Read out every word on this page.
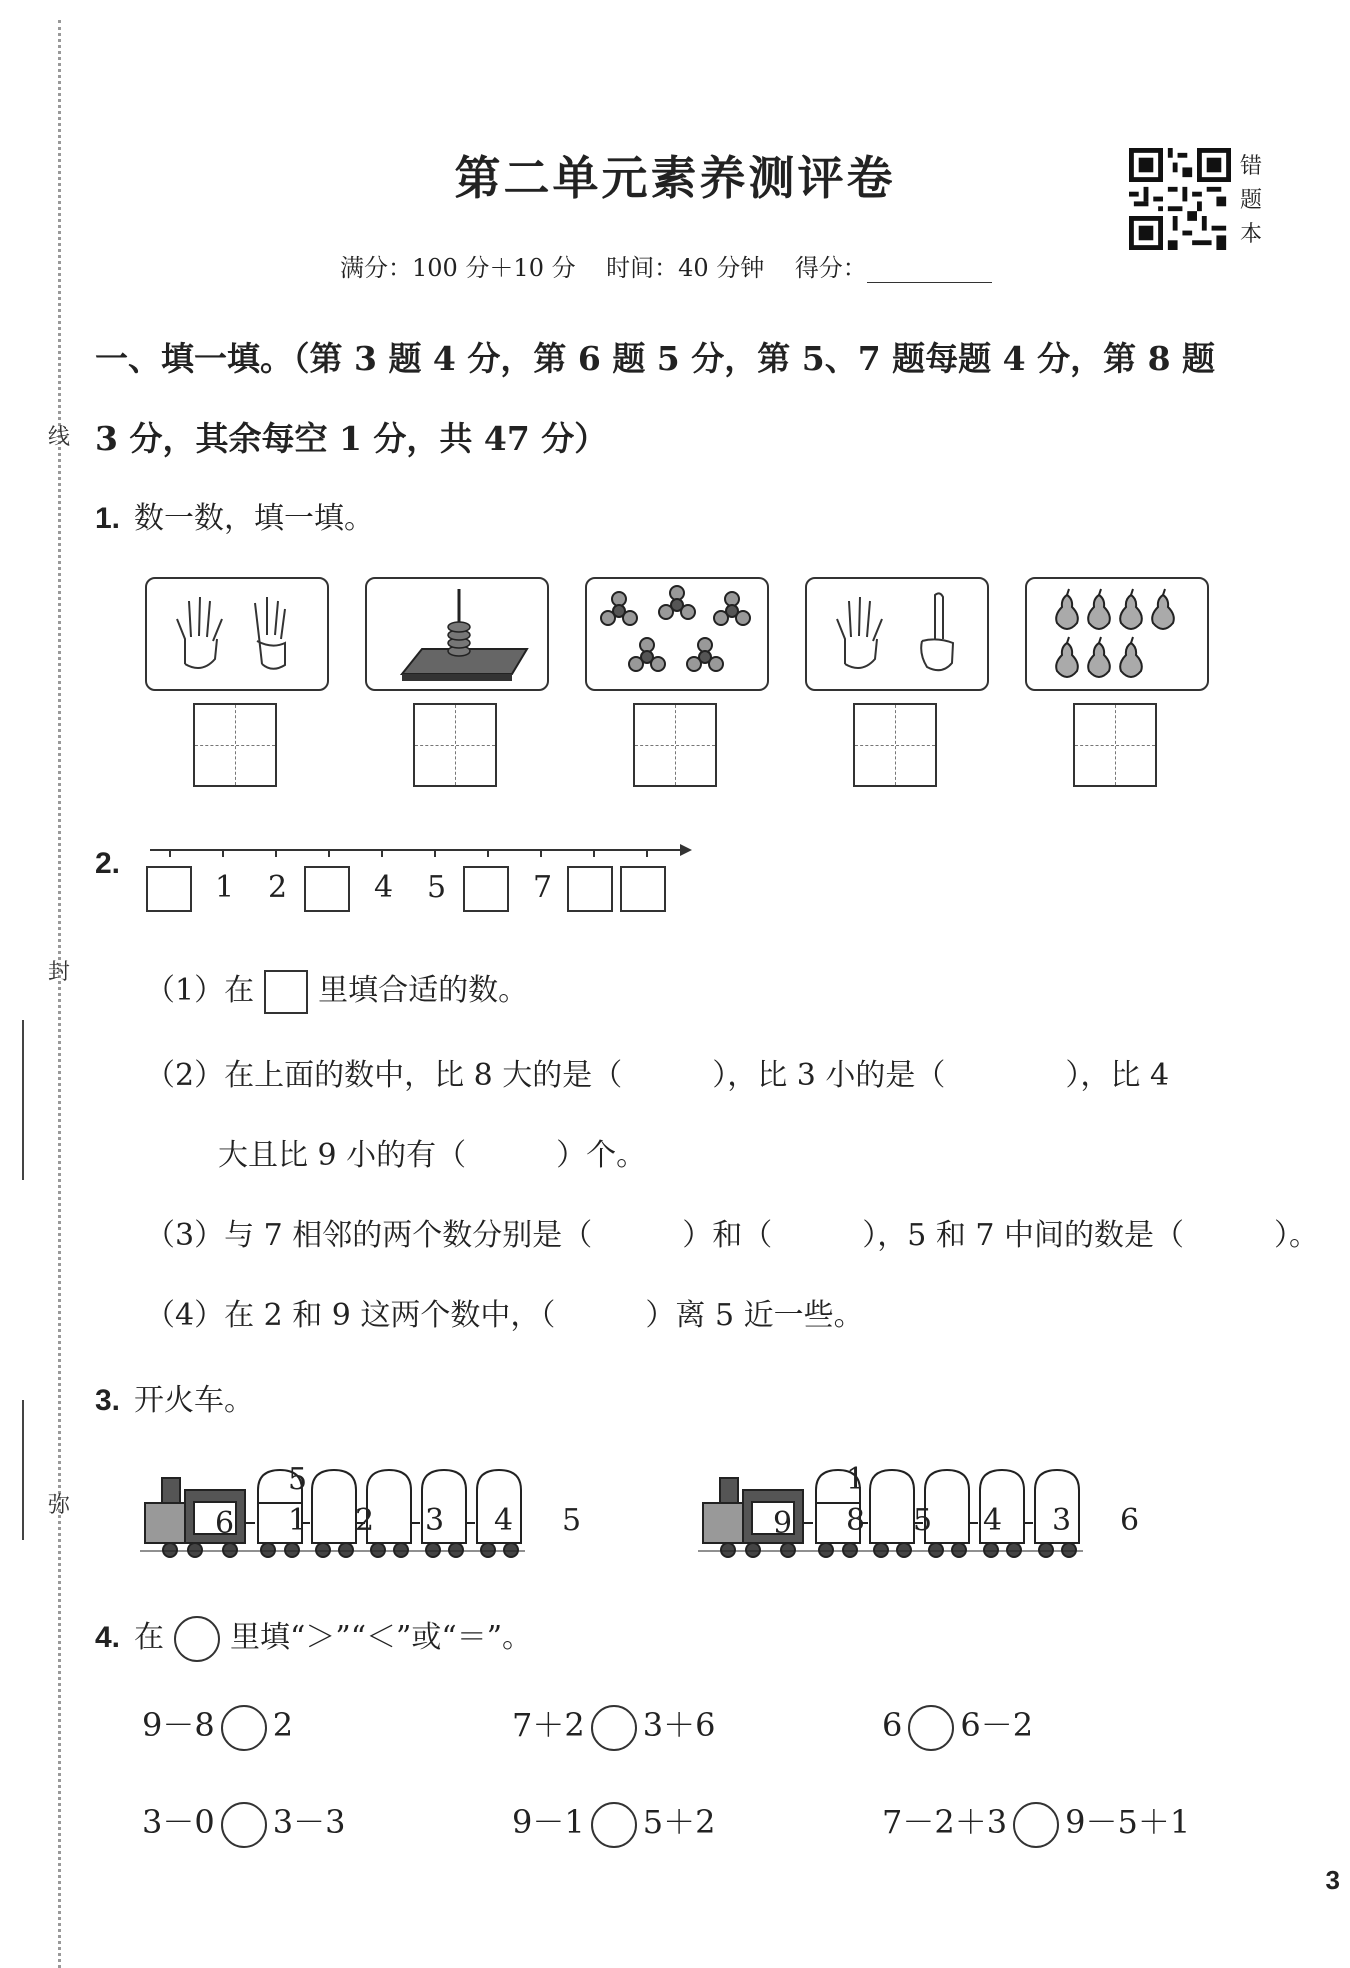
线
封
弥
第二单元素养测评卷
满分：100 分＋10 分 时间：40 分钟 得分：
错题本
一、填一填。（第 3 题 4 分，第 6 题 5 分，第 5、7 题每题 4 分，第 8 题
3 分，其余每空 1 分，共 47 分）
1. 数一数，填一填。
2.
1 2	4 5	7
（1）在 里填合适的数。
（2）在上面的数中，比 8 大的是（　　　），比 3 小的是（　　　　），比 4
大且比 9 小的有（　　　）个。
（3）与 7 相邻的两个数分别是（　　　）和（　　　），5 和 7 中间的数是（　　　）。
（4）在 2 和 9 这两个数中，（　　　）离 5 近一些。
3. 开火车。
6
5
1 2 3 4 5	9
1
8 5 4 3 6
4. 在 里填“＞”“＜”或“＝”。
9－8 2	7＋2 3＋6	6 6－2
3－0 3－3	9－1 5＋2	7－2＋3 9－5＋1
3
